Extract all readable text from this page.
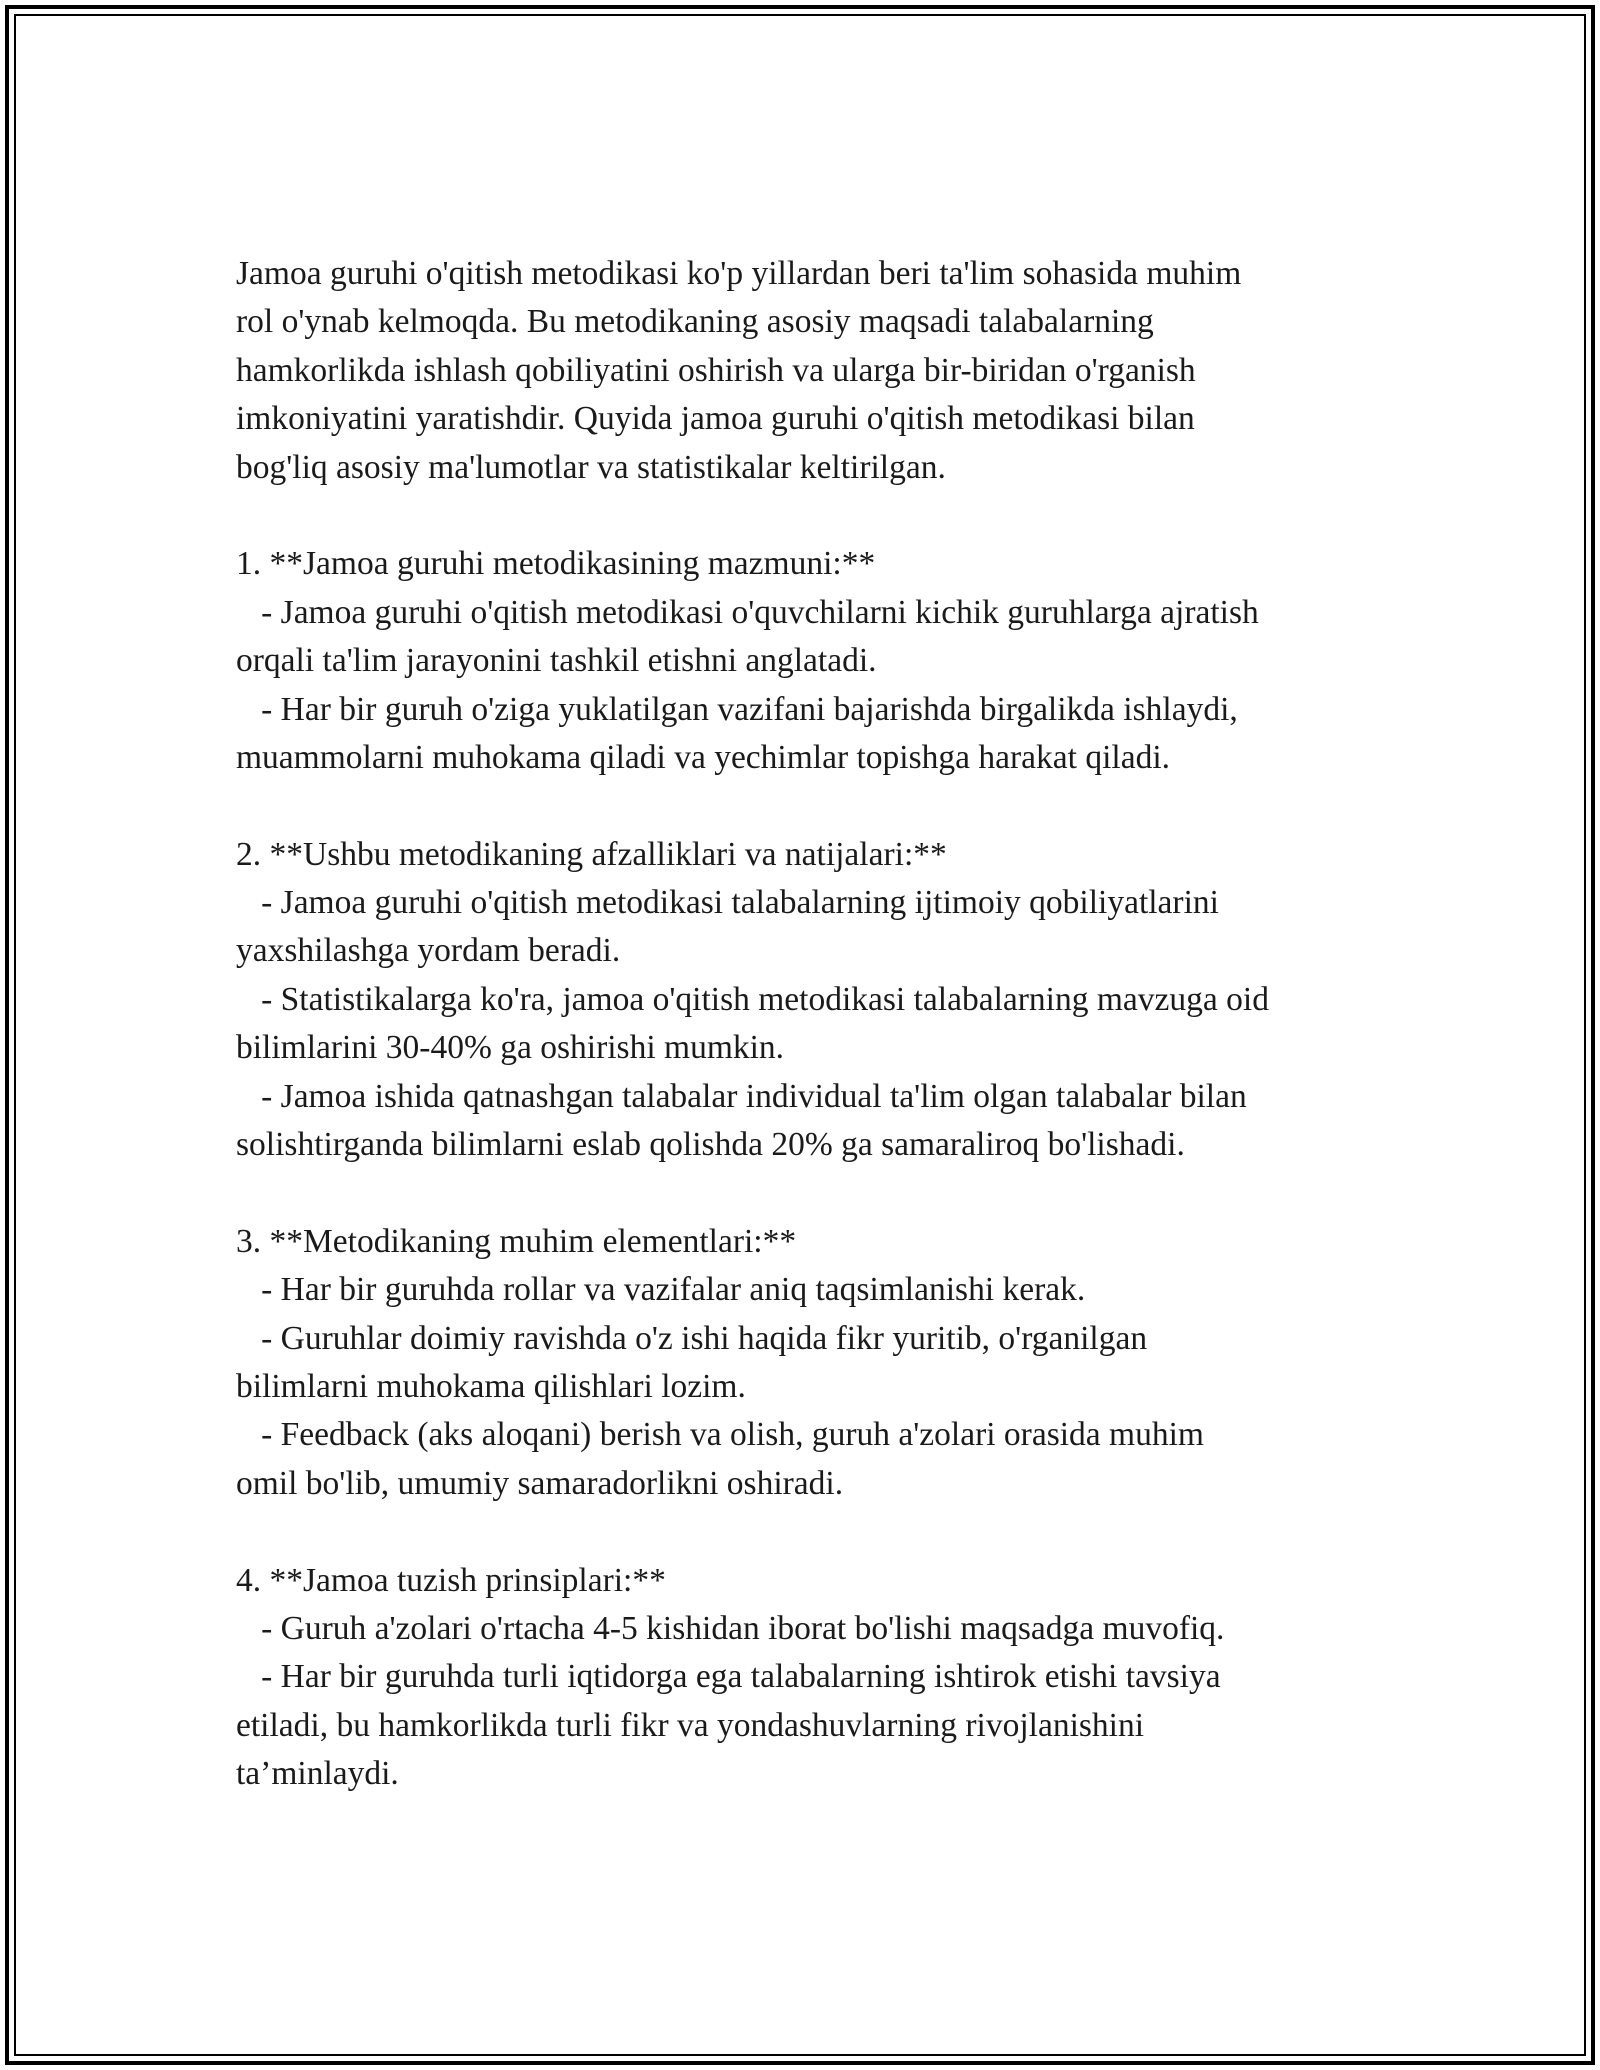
Jamoa guruhi o'qitish metodikasi ko'p yillardan beri ta'lim sohasida muhim
rol o'ynab kelmoqda. Bu metodikaning asosiy maqsadi talabalarning
hamkorlikda ishlash qobiliyatini oshirish va ularga bir-biridan o'rganish
imkoniyatini yaratishdir. Quyida jamoa guruhi o'qitish metodikasi bilan
bog'liq asosiy ma'lumotlar va statistikalar keltirilgan.
1. **Jamoa guruhi metodikasining mazmuni:**
- Jamoa guruhi o'qitish metodikasi o'quvchilarni kichik guruhlarga ajratish
orqali ta'lim jarayonini tashkil etishni anglatadi.
- Har bir guruh o'ziga yuklatilgan vazifani bajarishda birgalikda ishlaydi,
muammolarni muhokama qiladi va yechimlar topishga harakat qiladi.
2. **Ushbu metodikaning afzalliklari va natijalari:**
- Jamoa guruhi o'qitish metodikasi talabalarning ijtimoiy qobiliyatlarini
yaxshilashga yordam beradi.
- Statistikalarga ko'ra, jamoa o'qitish metodikasi talabalarning mavzuga oid
bilimlarini 30-40% ga oshirishi mumkin.
- Jamoa ishida qatnashgan talabalar individual ta'lim olgan talabalar bilan
solishtirganda bilimlarni eslab qolishda 20% ga samaraliroq bo'lishadi.
3. **Metodikaning muhim elementlari:**
- Har bir guruhda rollar va vazifalar aniq taqsimlanishi kerak.
- Guruhlar doimiy ravishda o'z ishi haqida fikr yuritib, o'rganilgan
bilimlarni muhokama qilishlari lozim.
- Feedback (aks aloqani) berish va olish, guruh a'zolari orasida muhim
omil bo'lib, umumiy samaradorlikni oshiradi.
4. **Jamoa tuzish prinsiplari:**
- Guruh a'zolari o'rtacha 4-5 kishidan iborat bo'lishi maqsadga muvofiq.
- Har bir guruhda turli iqtidorga ega talabalarning ishtirok etishi tavsiya
etiladi, bu hamkorlikda turli fikr va yondashuvlarning rivojlanishini
ta’minlaydi.
